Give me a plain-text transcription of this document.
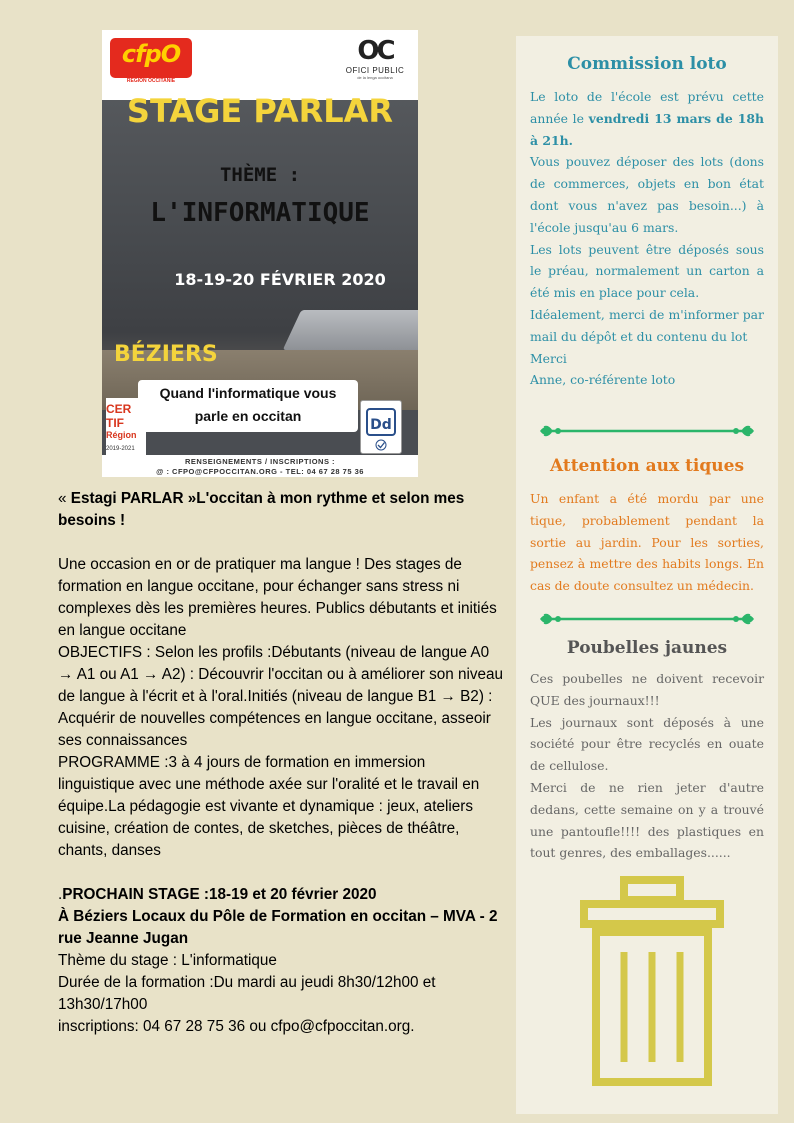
cfpO
RÉGION OCCITANIE
OC
OFICI PUBLIC
de la lenga occitana
STAGE PARLAR
THÈME :
L'INFORMATIQUE
18-19-20 FÉVRIER 2020
BÉZIERS
Quand l'informatique vous
parle en occitan
CER
TIF
Région
2019-2021
Dd
RENSEIGNEMENTS / INSCRIPTIONS :
@ : CFPO@CFPOCCITAN.ORG - TEL: 04 67 28 75 36

« Estagi PARLAR »L'occitan à mon rythme et selon mes besoins !

Une occasion en or de pratiquer ma langue ! Des stages de formation en langue occitane, pour échanger sans stress ni complexes dès les premières heures. Publics débutants et initiés en langue occitane

OBJECTIFS : Selon les profils :Débutants (niveau de langue A0 → A1 ou A1 → A2) : Découvrir l'occitan ou à améliorer son niveau de langue à l'écrit et à l'oral.Initiés (niveau de langue B1 → B2) : Acquérir de nouvelles compétences en langue occitane, asseoir ses connaissances

PROGRAMME :3 à 4 jours de formation en immersion linguistique avec une méthode axée sur l'oralité et le travail en équipe.La pédagogie est vivante et dynamique : jeux, ateliers cuisine, création de contes, de sketches, pièces de théâtre, chants, danses

.PROCHAIN STAGE :18-19 et 20 février 2020

À Béziers Locaux du Pôle de Formation en occitan – MVA - 2 rue Jeanne Jugan

Thème du stage : L'informatique

Durée de la formation :Du mardi au jeudi 8h30/12h00 et 13h30/17h00

inscriptions: 04 67 28 75 36 ou cfpo@cfpoccitan.org.

Commission loto

Le loto de l'école est prévu cette année le vendredi 13 mars de 18h à 21h.

Vous pouvez déposer des lots (dons de commerces, objets en bon état dont vous n'avez pas besoin...) à l'école jusqu'au 6 mars.

Les lots peuvent être déposés sous le préau, normalement un carton a été mis en place pour cela.

Idéalement, merci de m'informer par mail du dépôt et du contenu du lot

Merci

Anne, co-référente loto

Attention aux tiques

Un enfant a été mordu par une tique, probablement pendant la sortie au jardin. Pour les sorties, pensez à mettre des habits longs. En cas de doute consultez un médecin.

Poubelles jaunes

Ces poubelles ne doivent recevoir QUE des journaux!!!

Les journaux sont déposés à une société pour être recyclés en ouate de cellulose.

Merci de ne rien jeter d'autre dedans, cette semaine on y a trouvé une pantoufle!!!! des plastiques en tout genres, des emballages......
